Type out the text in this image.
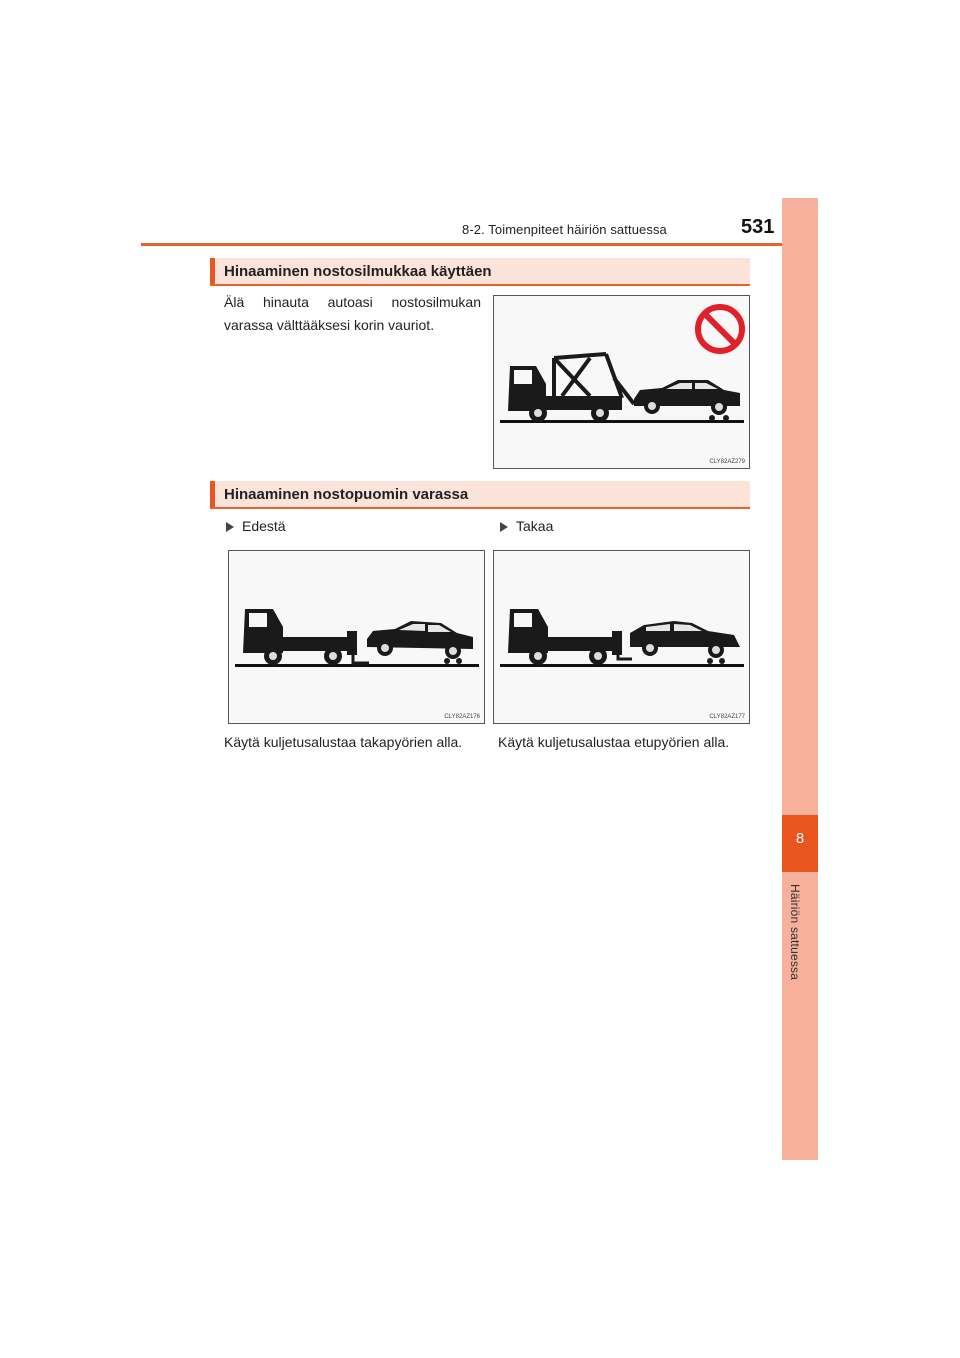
8-2. Toimenpiteet häiriön sattuessa	531
8
Häiriön sattuessa
Hinaaminen nostosilmukkaa käyttäen
Älä hinauta autoasi nostosilmukan
varassa välttääksesi korin vauriot.
CLY82AZ279
Hinaaminen nostopuomin varassa
Edestä	Takaa
CLY82AZ176	CLY82AZ177
Käytä kuljetusalustaa takapyörien alla.	Käytä kuljetusalustaa etupyörien alla.
